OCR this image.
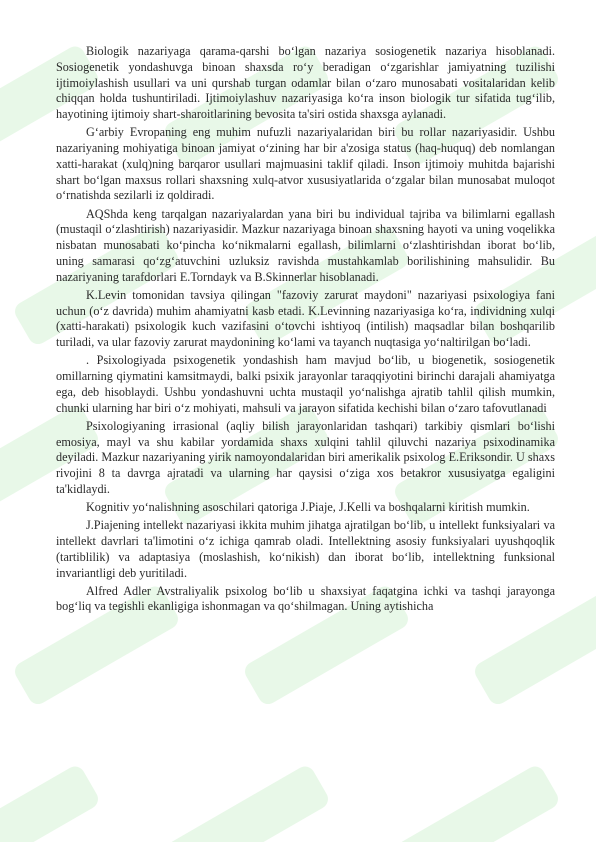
Biologik nazariyaga qarama-qarshi bo‘lgan nazariya sosiogenetik nazariya hisoblanadi. Sosiogenetik yondashuvga binoan shaxsda ro‘y beradigan o‘zgarishlar jamiyatning tuzilishi ijtimoiylashish usullari va uni qurshab turgan odamlar bilan o‘zaro munosabati vositalaridan kelib chiqqan holda tushuntiriladi. Ijtimoiylashuv nazariyasiga ko‘ra inson biologik tur sifatida tug‘ilib, hayotining ijtimoiy shart-sharoitlarining bevosita ta'siri ostida shaxsga aylanadi.

G‘arbiy Evropaning eng muhim nufuzli nazariyalaridan biri bu rollar nazariyasidir. Ushbu nazariyaning mohiyatiga binoan jamiyat o‘zining har bir a'zosiga status (haq-huquq) deb nomlangan xatti-harakat (xulq)ning barqaror usullari majmuasini taklif qiladi. Inson ijtimoiy muhitda bajarishi shart bo‘lgan maxsus rollari shaxsning xulq-atvor xususiyatlarida o‘zgalar bilan munosabat muloqot o‘rnatishda sezilarli iz qoldiradi.

AQShda keng tarqalgan nazariyalardan yana biri bu individual tajriba va bilimlarni egallash (mustaqil o‘zlashtirish) nazariyasidir. Mazkur nazariyaga binoan shaxsning hayoti va uning voqelikka nisbatan munosabati ko‘pincha ko‘nikmalarni egallash, bilimlarni o‘zlashtirishdan iborat bo‘lib, uning samarasi qo‘zg‘atuvchini uzluksiz ravishda mustahkamlab borilishining mahsulidir. Bu nazariyaning tarafdorlari E.Torndayk va B.Skinnerlar hisoblanadi.

K.Levin tomonidan tavsiya qilingan "fazoviy zarurat maydoni" nazariyasi psixologiya fani uchun (o‘z davrida) muhim ahamiyatni kasb etadi. K.Levinning nazariyasiga ko‘ra, individning xulqi (xatti-harakati) psixologik kuch vazifasini o‘tovchi ishtiyoq (intilish) maqsadlar bilan boshqarilib turiladi, va ular fazoviy zarurat maydonining ko‘lami va tayanch nuqtasiga yo‘naltirilgan bo‘ladi.

. Psixologiyada psixogenetik yondashish ham mavjud bo‘lib, u biogenetik, sosiogenetik omillarning qiymatini kamsitmaydi, balki psixik jarayonlar taraqqiyotini birinchi darajali ahamiyatga ega, deb hisoblaydi. Ushbu yondashuvni uchta mustaqil yo‘nalishga ajratib tahlil qilish mumkin, chunki ularning har biri o‘z mohiyati, mahsuli va jarayon sifatida kechishi bilan o‘zaro tafovutlanadi

Psixologiyaning irrasional (aqliy bilish jarayonlaridan tashqari) tarkibiy qismlari bo‘lishi emosiya, mayl va shu kabilar yordamida shaxs xulqini tahlil qiluvchi nazariya psixodinamika deyiladi. Mazkur nazariyaning yirik namoyondalaridan biri amerikalik psixolog E.Eriksondir. U shaxs rivojini 8 ta davrga ajratadi va ularning har qaysisi o‘ziga xos betakror xususiyatga egaligini ta'kidlaydi.

Kognitiv yo‘nalishning asoschilari qatoriga J.Piaje, J.Kelli va boshqalarni kiritish mumkin.

J.Piajening intellekt nazariyasi ikkita muhim jihatga ajratilgan bo‘lib, u intellekt funksiyalari va intellekt davrlari ta'limotini o‘z ichiga qamrab oladi. Intellektning asosiy funksiyalari uyushqoqlik (tartiblilik) va adaptasiya (moslashish, ko‘nikish) dan iborat bo‘lib, intellektning funksional invariantligi deb yuritiladi.

Alfred Adler Avstraliyalik psixolog bo‘lib u shaxsiyat faqatgina ichki va tashqi jarayonga bog‘liq va tegishli ekanligiga ishonmagan va qo‘shilmagan. Uning aytishicha
